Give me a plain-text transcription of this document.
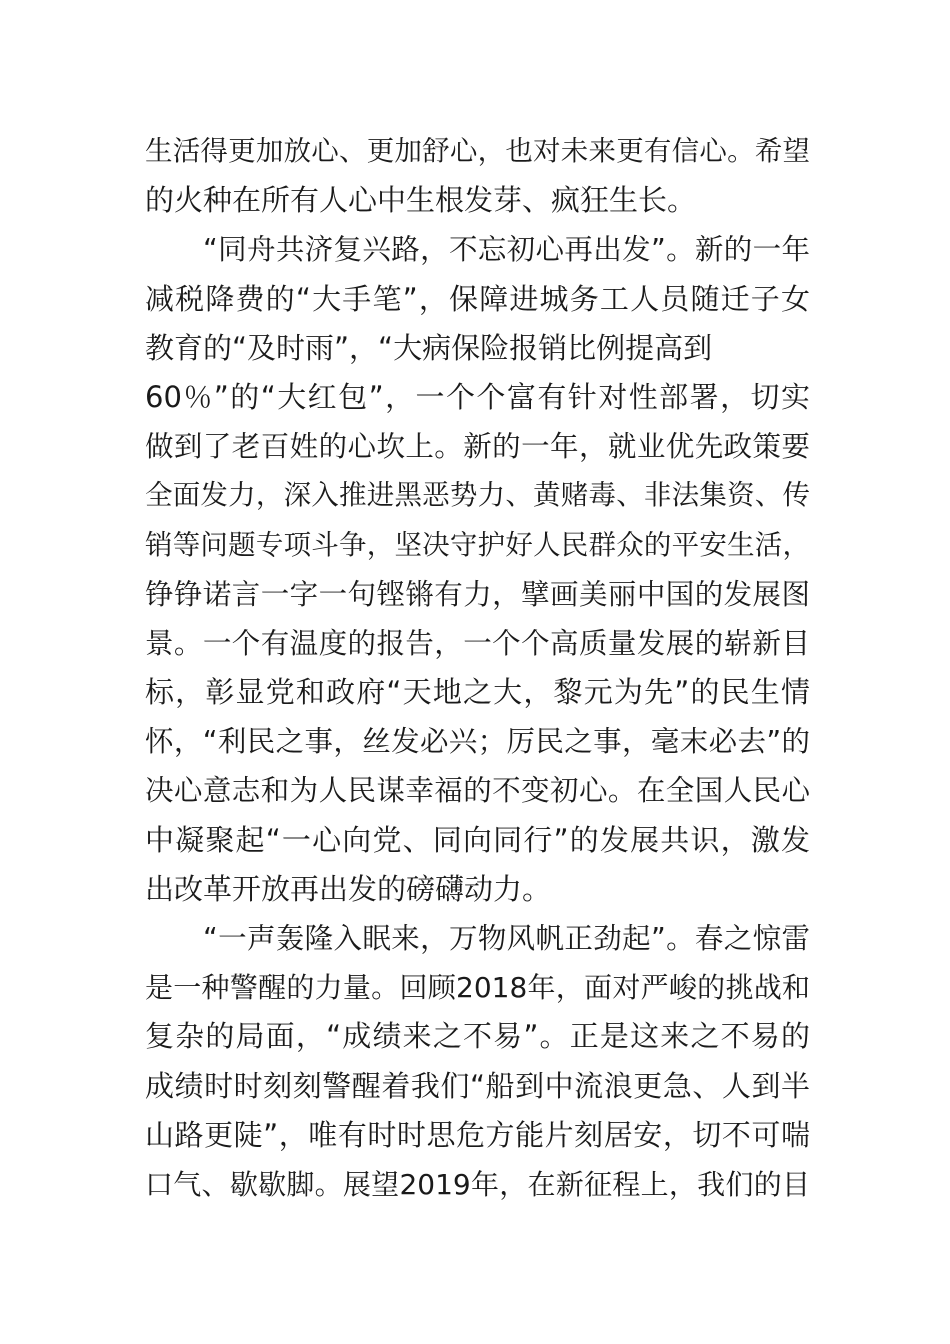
生活得更加放心、更加舒心，也对未来更有信心。希望
的火种在所有人心中生根发芽、疯狂生长。
“同舟共济复兴路，不忘初心再出发”。新的一年
减税降费的“大手笔”，保障进城务工人员随迁子女
教育的“及时雨”，“大病保险报销比例提高到
60％”的“大红包”，一个个富有针对性部署，切实
做到了老百姓的心坎上。新的一年，就业优先政策要
全面发力，深入推进黑恶势力、黄赌毒、非法集资、传
销等问题专项斗争，坚决守护好人民群众的平安生活，
铮铮诺言一字一句铿锵有力，擘画美丽中国的发展图
景。一个有温度的报告，一个个高质量发展的崭新目
标，彰显党和政府“天地之大，黎元为先”的民生情
怀，“利民之事，丝发必兴；厉民之事，毫末必去”的
决心意志和为人民谋幸福的不变初心。在全国人民心
中凝聚起“一心向党、同向同行”的发展共识，激发
出改革开放再出发的磅礴动力。
“一声轰隆入眠来，万物风帆正劲起”。春之惊雷
是一种警醒的力量。回顾2018年，面对严峻的挑战和
复杂的局面，“成绩来之不易”。正是这来之不易的
成绩时时刻刻警醒着我们“船到中流浪更急、人到半
山路更陡”，唯有时时思危方能片刻居安，切不可喘
口气、歇歇脚。展望2019年，在新征程上，我们的目
